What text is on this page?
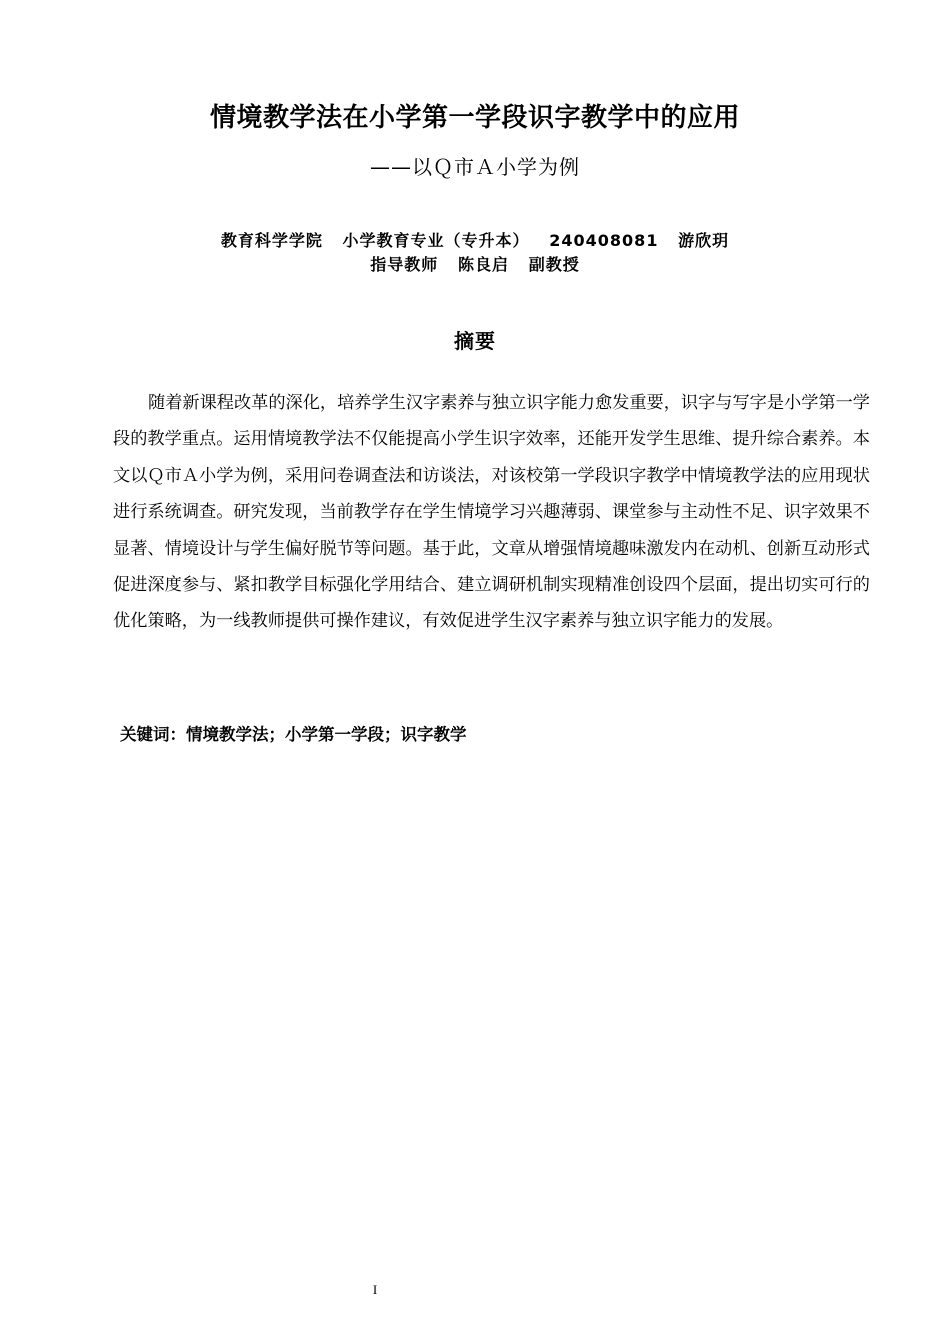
情境教学法在小学第一学段识字教学中的应用
——以Ｑ市Ａ小学为例
教育科学学院   小学教育专业（专升本）   240408081   游欣玥
指导教师   陈良启   副教授
摘要

随着新课程改革的深化，培养学生汉字素养与独立识字能力愈发重要，识字与写字是小学第一学段的教学重点。运用情境教学法不仅能提高小学生识字效率，还能开发学生思维、提升综合素养。本文以Ｑ市Ａ小学为例，采用问卷调查法和访谈法，对该校第一学段识字教学中情境教学法的应用现状进行系统调查。研究发现，当前教学存在学生情境学习兴趣薄弱、课堂参与主动性不足、识字效果不显著、情境设计与学生偏好脱节等问题。基于此，文章从增强情境趣味激发内在动机、创新互动形式促进深度参与、紧扣教学目标强化学用结合、建立调研机制实现精准创设四个层面，提出切实可行的优化策略，为一线教师提供可操作建议，有效促进学生汉字素养与独立识字能力的发展。

关键词：情境教学法；小学第一学段；识字教学
I
